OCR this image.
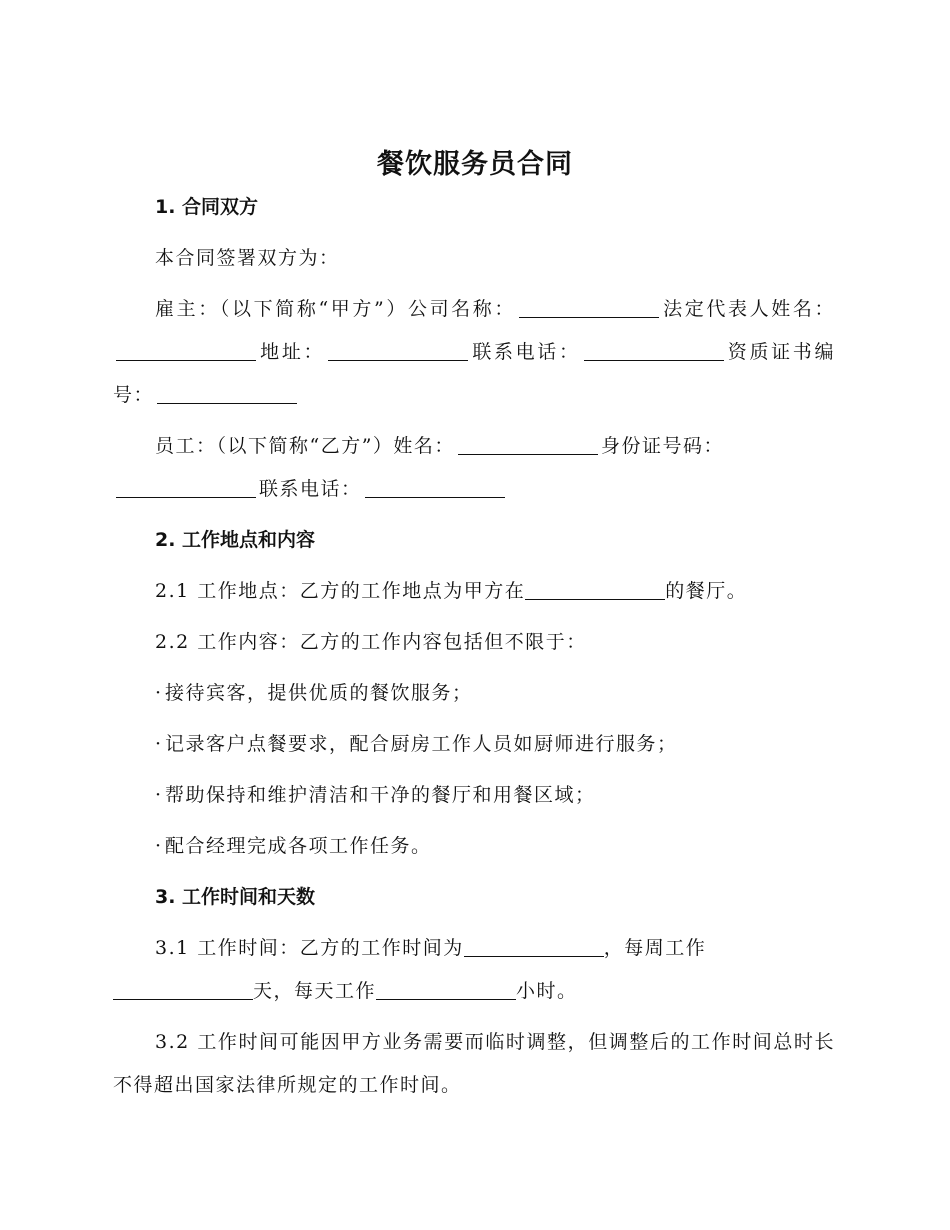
餐饮服务员合同
1. 合同双方
本合同签署双方为：
雇主：（以下简称“甲方”）公司名称：	法定代表人姓名：地址：	联系电话：	资质证书编号：
员工：（以下简称“乙方”）姓名：	身份证号码：联系电话：
2. 工作地点和内容
2.1 工作地点：乙方的工作地点为甲方在	的餐厅。
2.2 工作内容：乙方的工作内容包括但不限于：
· 接待宾客，提供优质的餐饮服务；
· 记录客户点餐要求，配合厨房工作人员如厨师进行服务；
· 帮助保持和维护清洁和干净的餐厅和用餐区域；
· 配合经理完成各项工作任务。
3. 工作时间和天数
3.1 工作时间：乙方的工作时间为	，每周工作天，每天工作	小时。
3.2 工作时间可能因甲方业务需要而临时调整，但调整后的工作时间总时长不得超出国家法律所规定的工作时间。
